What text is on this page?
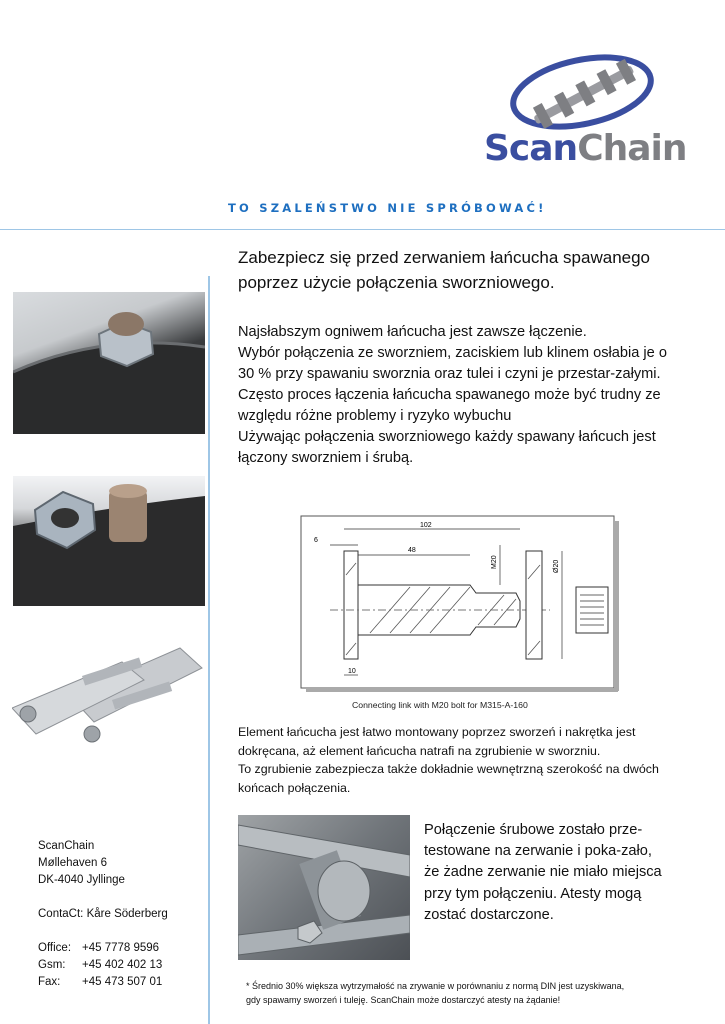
ScanChain
TO SZALEŃSTWO NIE SPRÓBOWAĆ!
Zabezpiecz się przed zerwaniem łańcucha spawanego poprzez użycie połączenia sworzniowego.

Najsłabszym ogniwem łańcucha jest zawsze łączenie.

Wybór połączenia ze sworzniem, zaciskiem lub klinem osłabia je o 30 % przy spawaniu sworznia oraz tulei i czyni je przestar-załymi.

Często proces łączenia łańcucha spawanego może być trudny ze względu różne problemy i ryzyko wybuchu

Używając połączenia sworzniowego każdy spawany łańcuch jest łączony sworzniem i śrubą.

102
6
48
M20	Ø20
10
Connecting link with M20 bolt for M315-A-160

Element łańcucha jest łatwo montowany poprzez sworzeń i nakrętka jest dokręcana, aż element łańcucha natrafi na zgrubienie w sworzniu.

To zgrubienie zabezpiecza także dokładnie wewnętrzną szerokość na dwóch końcach połączenia.

Połączenie śrubowe zostało prze-testowane na zerwanie i poka-zało, że żadne zerwanie nie miało miejsca przy tym połączeniu. Atesty mogą zostać dostarczone.
* Średnio 30% większa wytrzymałość na zrywanie w porównaniu z normą DIN jest uzyskiwana,
gdy spawamy sworzeń i tuleję. ScanChain może dostarczyć atesty na żądanie!
ScanChain
Møllehaven 6
DK-4040 Jyllinge
ContaCt: Kåre Söderberg
Office: +45 7778 9596
Gsm:	+45 402 402 13
Fax:	+45 473 507 01
